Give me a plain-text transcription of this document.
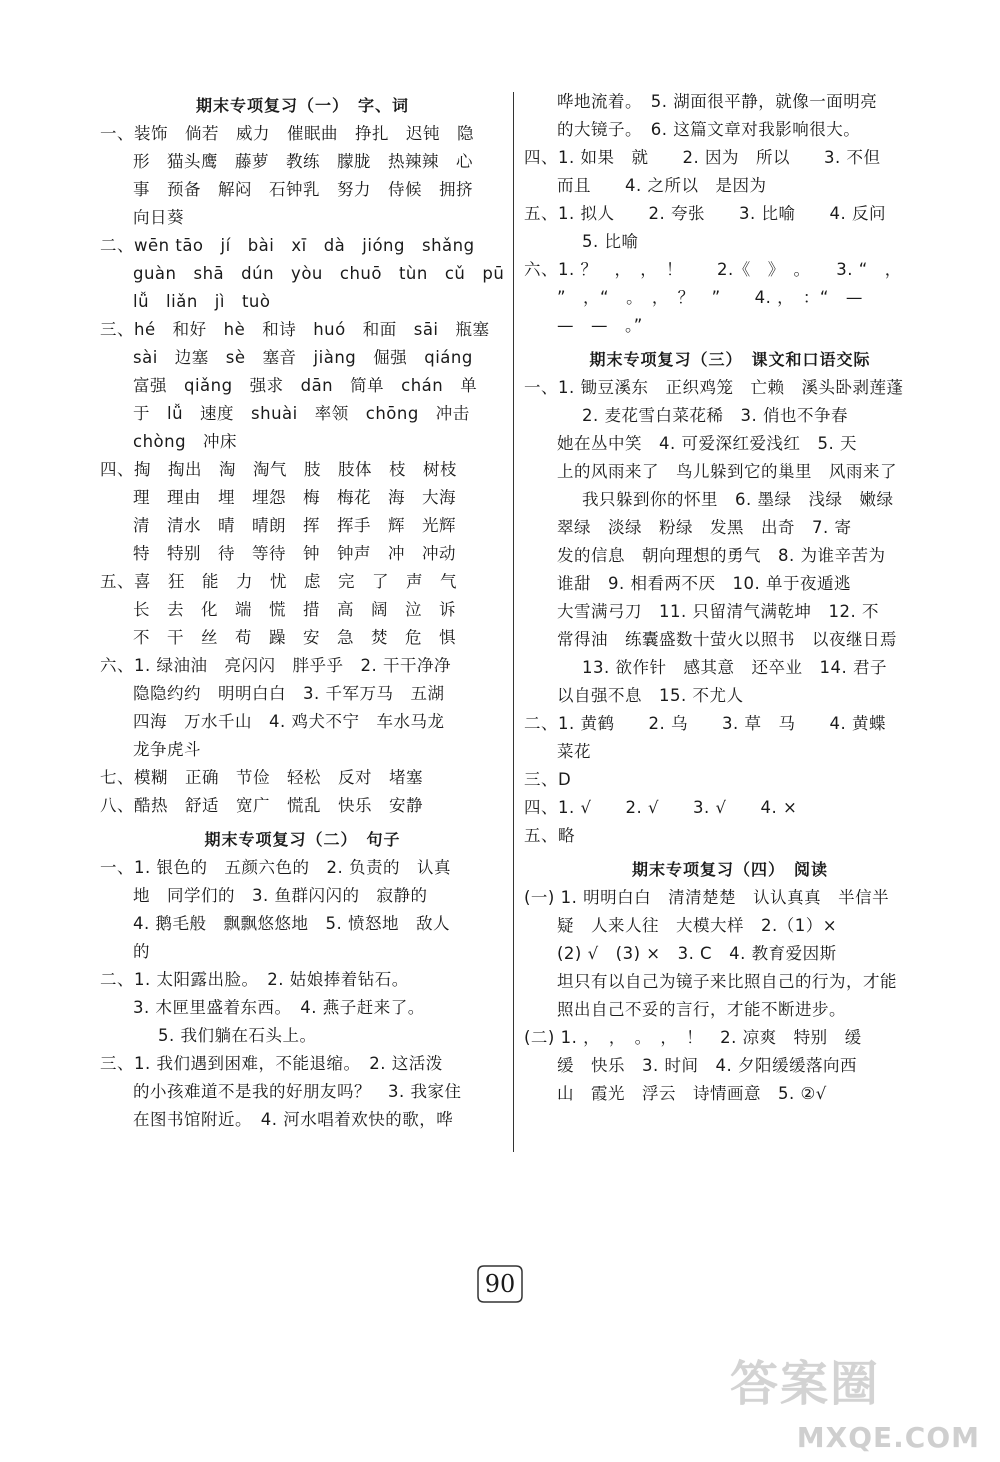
期末专项复习（一）　字、词
一、装饰　倘若　威力　催眠曲　挣扎　迟钝　隐
形　猫头鹰　藤萝　教练　朦胧　热辣辣　心
事　预备　解闷　石钟乳　努力　侍候　拥挤
向日葵
二、wēn tāo　jí　bài　xī　dà　jióng　shǎng
guàn　shā　dún　yòu　chuō　tùn　cǔ　pū
lǚ　liǎn　jì　tuò
三、hé　和好　hè　和诗　huó　和面　sāi　瓶塞
sài　边塞　sè　塞音　jiàng　倔强　qiáng
富强　qiǎng　强求　dān　简单　chán　单
于　lǚ　速度　shuài　率领　chōng　冲击
chòng　冲床
四、掏　掏出　淘　淘气　肢　肢体　枝　树枝
理　理由　埋　埋怨　梅　梅花　海　大海
清　清水　晴　晴朗　挥　挥手　辉　光辉
特　特别　待　等待　钟　钟声　冲　冲动
五、喜　狂　能　力　忧　虑　完　了　声　气
长　去　化　端　慌　措　高　阔　泣　诉
不　干　丝　苟　躁　安　急　焚　危　惧
六、1. 绿油油　亮闪闪　胖乎乎　2. 干干净净
隐隐约约　明明白白　3. 千军万马　五湖
四海　万水千山　4. 鸡犬不宁　车水马龙
龙争虎斗
七、模糊　正确　节俭　轻松　反对　堵塞
八、酷热　舒适　宽广　慌乱　快乐　安静
期末专项复习（二）　句子
一、1. 银色的　五颜六色的　2. 负责的　认真
地　同学们的　3. 鱼群闪闪的　寂静的
4. 鹅毛般　飘飘悠悠地　5. 愤怒地　敌人
的
二、1. 太阳露出脸。　2. 姑娘捧着钻石。
3. 木匣里盛着东西。　4. 燕子赶来了。
5. 我们躺在石头上。
三、1. 我们遇到困难，不能退缩。　2. 这活泼
的小孩难道不是我的好朋友吗？　3. 我家住
在图书馆附近。　4. 河水唱着欢快的歌，哗
哗地流着。　5. 湖面很平静，就像一面明亮
的大镜子。　6. 这篇文章对我影响很大。
四、1. 如果　就　　2. 因为　所以　　3. 不但
而且　　4. 之所以　是因为
五、1. 拟人　　2. 夸张　　3. 比喻　　4. 反问
5. 比喻
六、1. ？　，　，　！　　2.《　》　。　　3. “　，
”　，“　。　，　？　”　　4. ，　：“　—
—　—　。”
期末专项复习（三）　课文和口语交际
一、1. 锄豆溪东　正织鸡笼　亡赖　溪头卧剥莲蓬
2. 麦花雪白菜花稀　3. 俏也不争春
她在丛中笑　4. 可爱深红爱浅红　5. 天
上的风雨来了　鸟儿躲到它的巢里　风雨来了
我只躲到你的怀里　6. 墨绿　浅绿　嫩绿
翠绿　淡绿　粉绿　发黑　出奇　7. 寄
发的信息　朝向理想的勇气　8. 为谁辛苦为
谁甜　9. 相看两不厌　10. 单于夜遁逃
大雪满弓刀　11. 只留清气满乾坤　12. 不
常得油　练囊盛数十萤火以照书　以夜继日焉
13. 欲作针　感其意　还卒业　14. 君子
以自强不息　15. 不尤人
二、1. 黄鹤　　2. 乌　　3. 草　马　　4. 黄蝶
菜花
三、D
四、1. √　　2. √　　3. √　　4. ×
五、略
期末专项复习（四）　阅读
(一) 1. 明明白白　清清楚楚　认认真真　半信半
疑　人来人往　大模大样　2.（1）×
(2) √　(3) ×　3. C　4. 教育爱因斯
坦只有以自己为镜子来比照自己的行为，才能
照出自己不妥的言行，才能不断进步。
(二) 1. ，　，　。　，　！　2. 凉爽　特别　缓
缓　快乐　3. 时间　4. 夕阳缓缓落向西
山　霞光　浮云　诗情画意　5. ②√
90
答案圈
MXQE.COM
